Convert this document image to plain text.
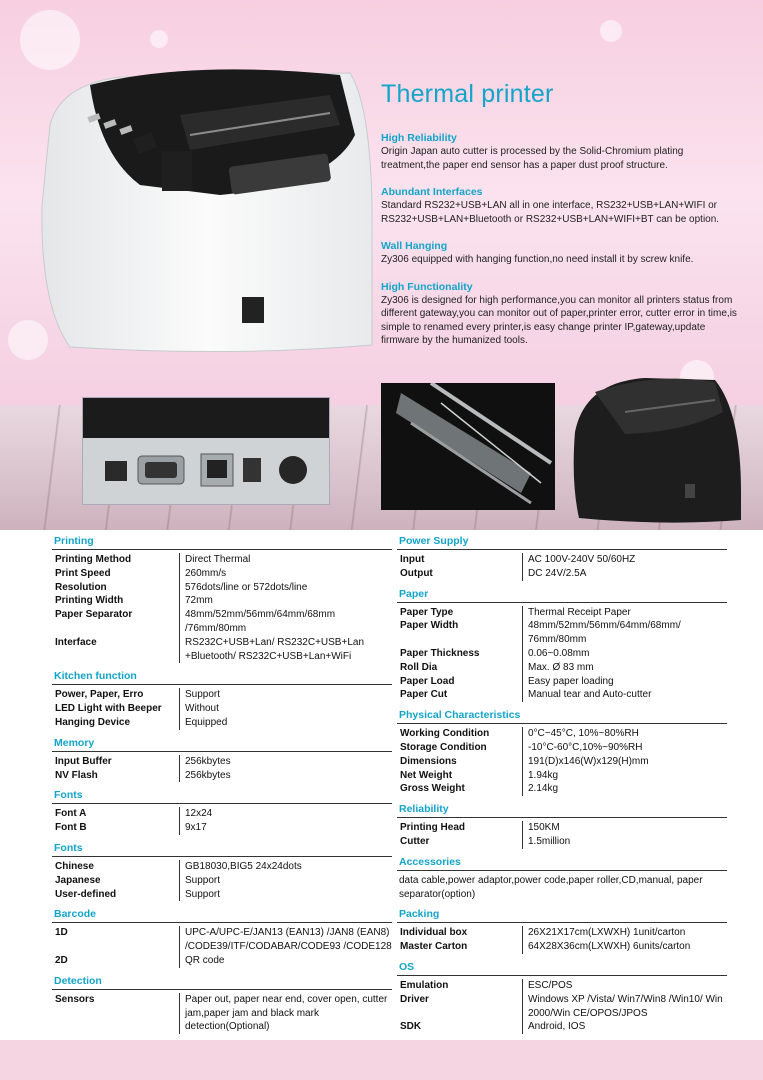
Thermal printer
High Reliability
Origin Japan auto cutter is processed by the Solid-Chromium plating treatment,the paper end sensor has a paper dust proof structure.
Abundant Interfaces
Standard RS232+USB+LAN all in one interface, RS232+USB+LAN+WIFI or RS232+USB+LAN+Bluetooth or RS232+USB+LAN+WIFI+BT can be option.
Wall Hanging
Zy306 equipped with hanging function,no need install it by screw knife.
High Functionality
Zy306 is designed for high performance,you can monitor all printers status from different gateway,you can monitor out of paper,printer error, cutter error in time,is simple to renamed every printer,is easy change printer IP,gateway,update firmware by the humanized tools.
Printing
Printing Method	Direct Thermal
Print Speed	260mm/s
Resolution	576dots/line or 572dots/line
Printing Width	72mm
Paper Separator	48mm/52mm/56mm/64mm/68mm /76mm/80mm
Interface	RS232C+USB+Lan/ RS232C+USB+Lan +Bluetooth/ RS232C+USB+Lan+WiFi
Kitchen function
Power, Paper, Erro	Support
LED Light with Beeper	Without
Hanging Device	Equipped
Memory
Input Buffer	256kbytes
NV Flash	256kbytes
Fonts
Font A	12x24
Font B	9x17
Fonts
Chinese	GB18030,BIG5 24x24dots
Japanese	Support
User-defined	Support
Barcode
1D	UPC-A/UPC-E/JAN13 (EAN13) /JAN8 (EAN8) /CODE39/ITF/CODABAR/CODE93 /CODE128
2D	QR code
Detection
Sensors	Paper out, paper near end, cover open, cutter jam,paper jam and black mark detection(Optional)
Power Supply
Input	AC 100V-240V 50/60HZ
Output	DC 24V/2.5A
Paper
Paper Type	Thermal Receipt Paper
Paper Width	48mm/52mm/56mm/64mm/68mm/ 76mm/80mm
Paper Thickness	0.06~0.08mm
Roll Dia	Max. Ø 83 mm
Paper Load	Easy paper loading
Paper Cut	Manual tear and Auto-cutter
Physical Characteristics
Working Condition	0°C~45°C, 10%~80%RH
Storage Condition	-10°C-60°C,10%~90%RH
Dimensions	191(D)x146(W)x129(H)mm
Net Weight	1.94kg
Gross Weight	2.14kg
Reliability
Printing Head	150KM
Cutter	1.5million
Accessories
data cable,power adaptor,power code,paper roller,CD,manual, paper separator(option)
Packing
Individual box	26X21X17cm(LXWXH) 1unit/carton
Master Carton	64X28X36cm(LXWXH) 6units/carton
OS
Emulation	ESC/POS
Driver	Windows XP /Vista/ Win7/Win8 /Win10/ Win 2000/Win CE/OPOS/JPOS
SDK	Android, IOS
